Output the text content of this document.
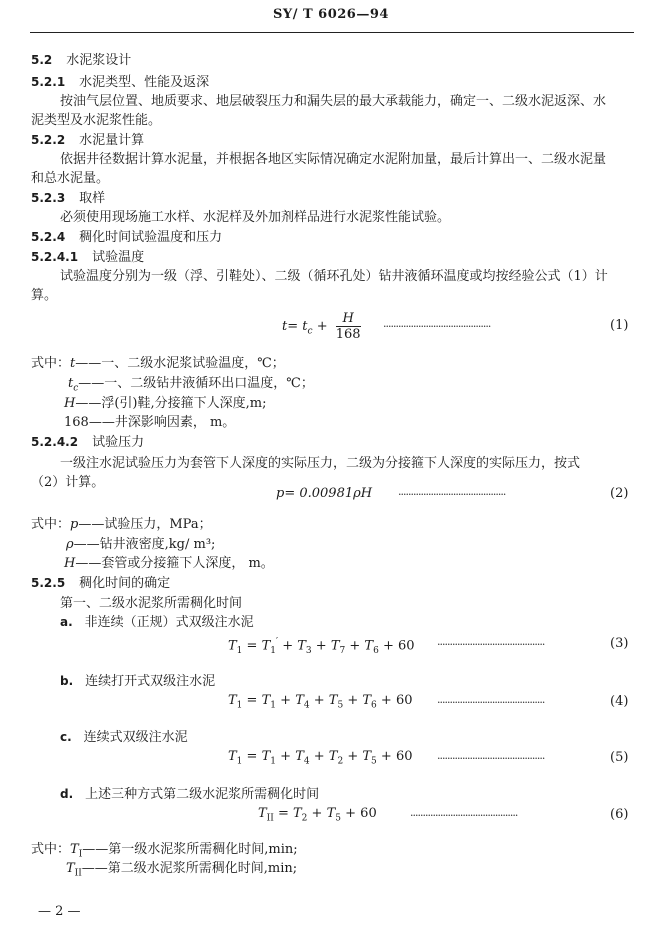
SY/ T 6026—94
5.2 水泥浆设计
5.2.1 水泥类型、性能及返深
按油气层位置、地质要求、地层破裂压力和漏失层的最大承载能力，确定一、二级水泥返深、水
泥类型及水泥浆性能。
5.2.2 水泥量计算
依据井径数据计算水泥量，并根据各地区实际情况确定水泥附加量，最后计算出一、二级水泥量
和总水泥量。
5.2.3 取样
必须使用现场施工水样、水泥样及外加剂样品进行水泥浆性能试验。
5.2.4 稠化时间试验温度和压力
5.2.4.1 试验温度
试验温度分别为一级（浮、引鞋处）、二级（循环孔处）钻井液循环温度或均按经验公式（1）计
算。
$t= t_c + \frac{H}{168}$ ···········································	(1)
式中：t——一、二级水泥浆试验温度，℃；
$t_c——$一、二级钻井液循环出口温度，℃；
H——浮(引)鞋,分接箍下人深度,m;
168——井深影响因素， m。
5.2.4.2 试验压力
一级注水泥试验压力为套管下人深度的实际压力，二级为分接箍下人深度的实际压力，按式
（2）计算。
p= 0.00981ρH ···········································	(2)
式中：p——试验压力，MPa；
ρ——钻井液密度,kg/ m³;
H——套管或分接箍下人深度， m。
5.2.5 稠化时间的确定
第一、二级水泥浆所需稠化时间
a. 非连续（正规）式双级注水泥
$T_1 = T_1' + T_3 + T_7 + T_6 + 60$ ···········································	(3)
b. 连续打开式双级注水泥
$T_1 = T_1 + T_4 + T_5 + T_6 + 60$ ···········································	(4)
c. 连续式双级注水泥
$T_1 = T_1 + T_4 + T_2 + T_5 + 60$ ···········································	(5)
d. 上述三种方式第二级水泥浆所需稠化时间
$T_{II} = T_2 + T_5 + 60$	···········································	(6)
式中：$T_I——$第一级水泥浆所需稠化时间,min;
$T_{II}——$第二级水泥浆所需稠化时间,min;
— 2 —
